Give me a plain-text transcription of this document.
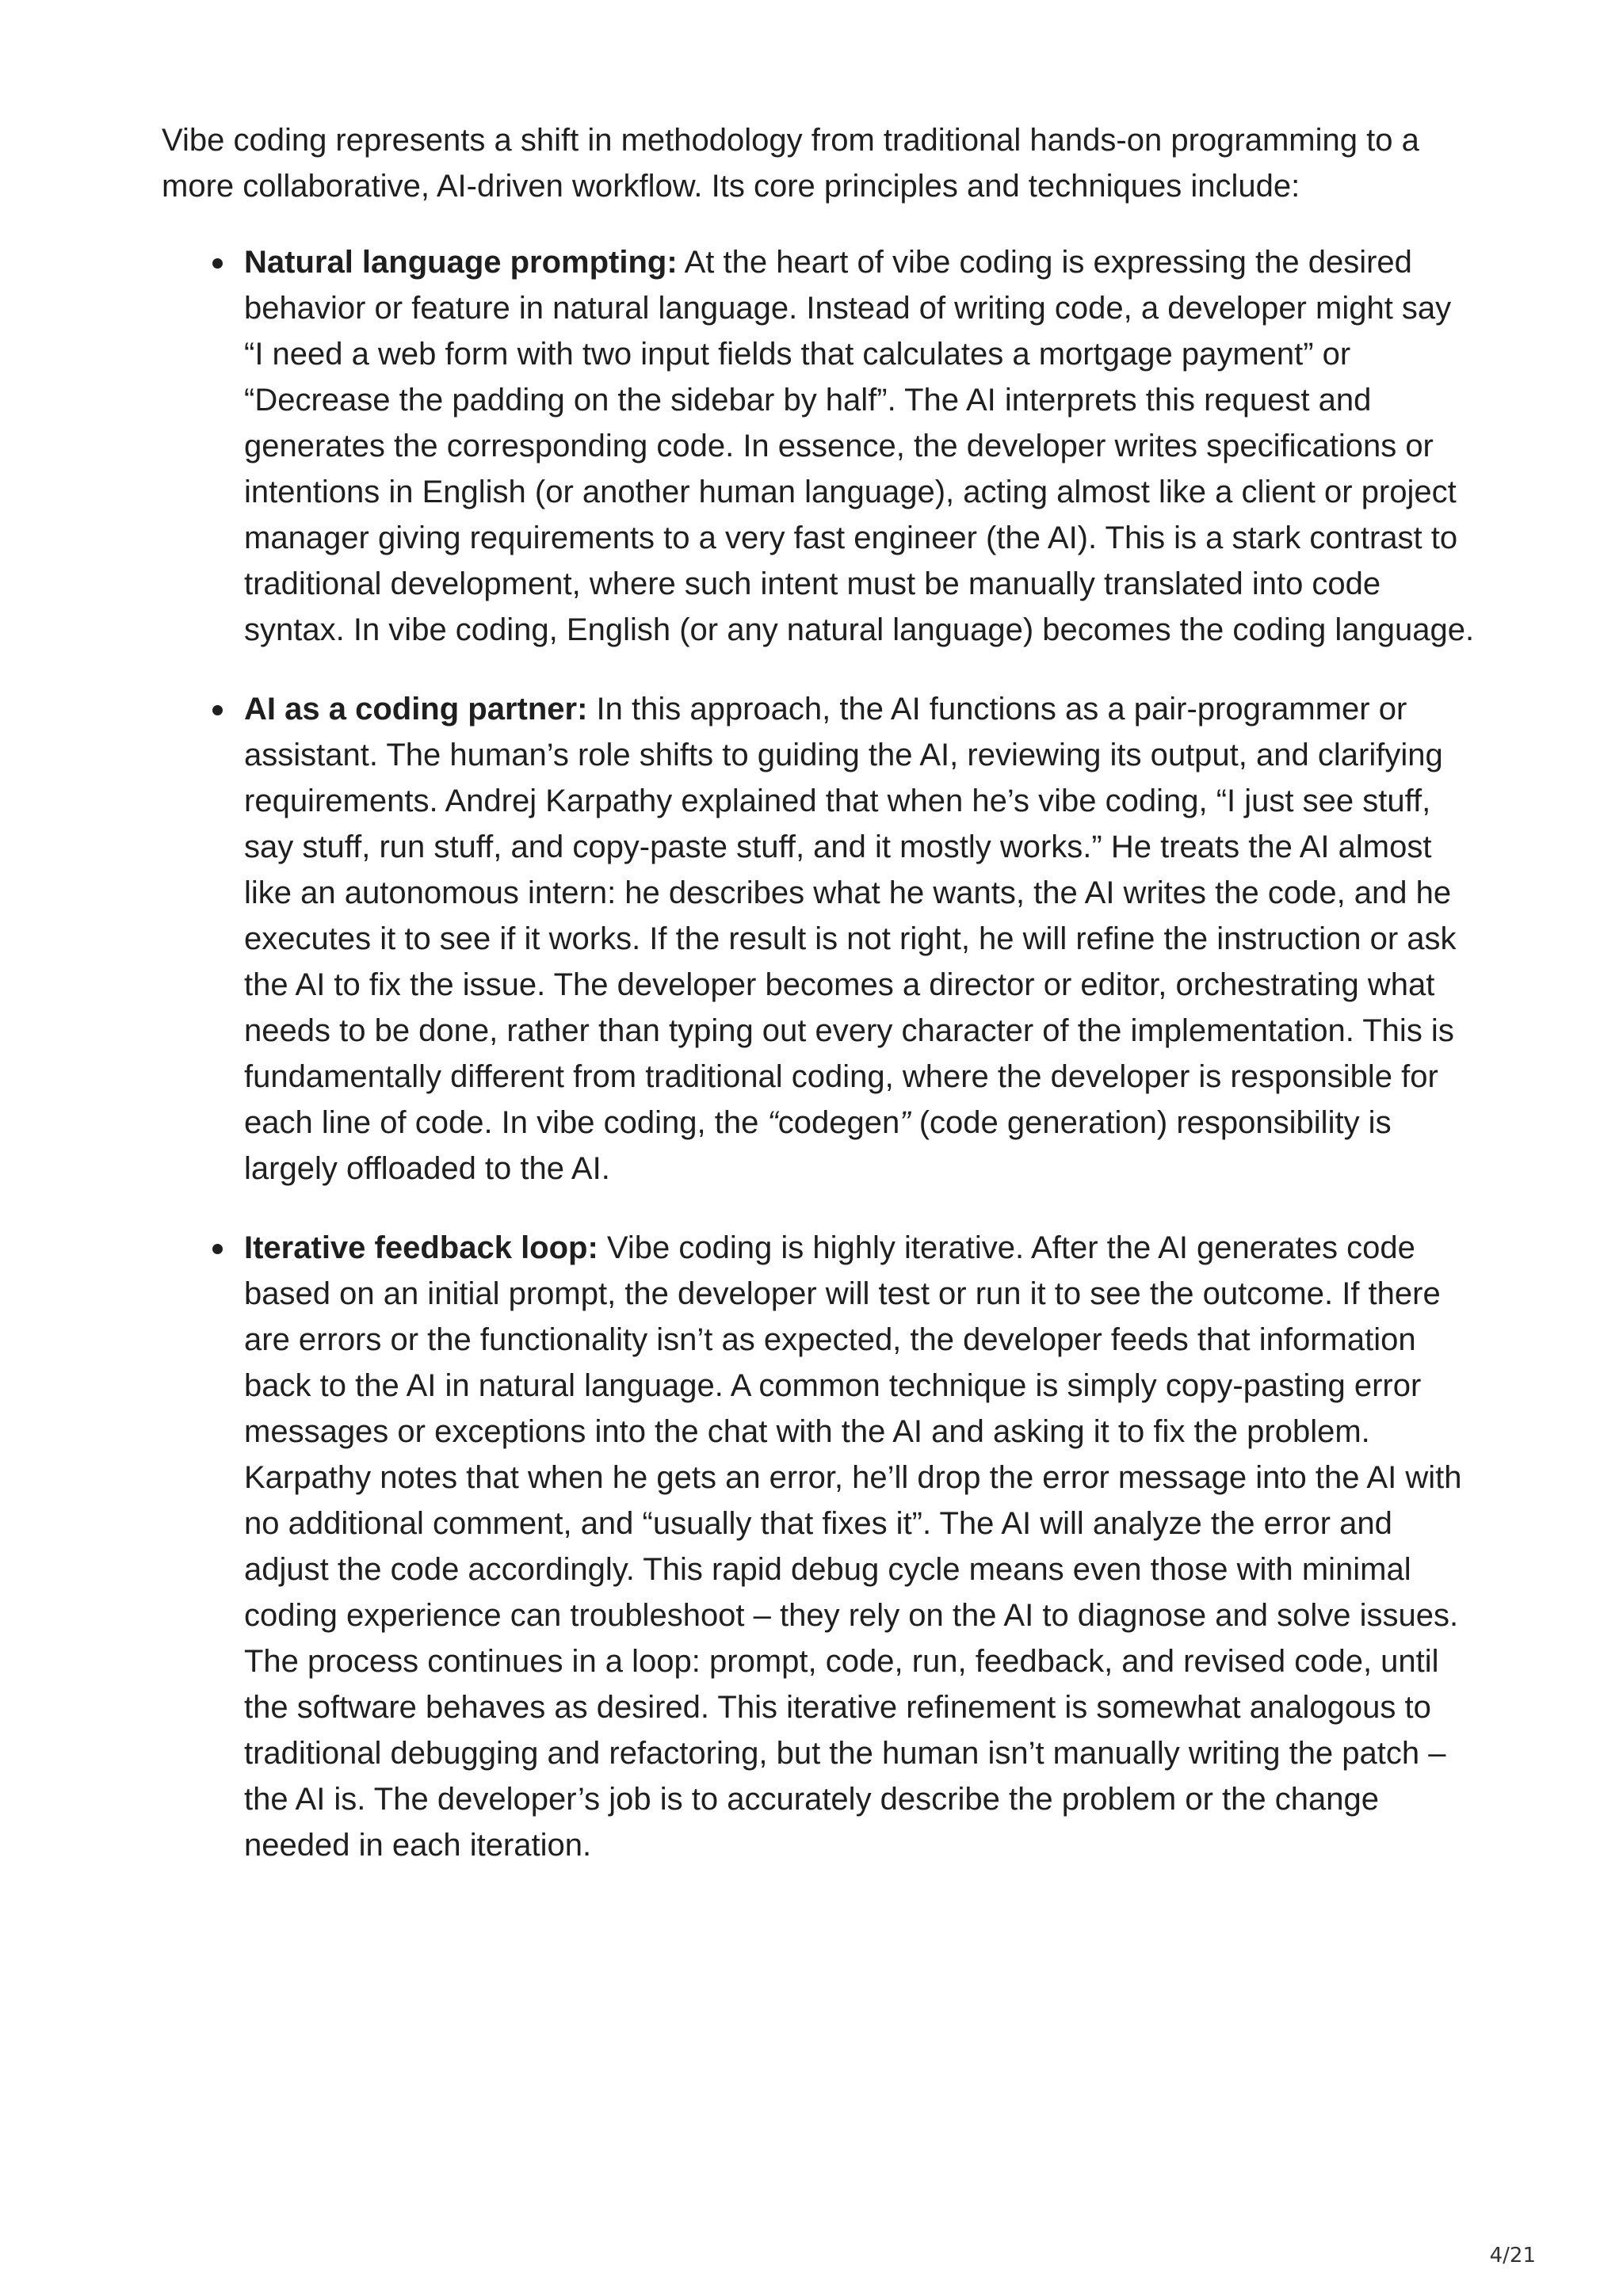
Vibe coding represents a shift in methodology from traditional hands-on programming to a more collaborative, AI-driven workflow. Its core principles and techniques include:

Natural language prompting: At the heart of vibe coding is expressing the desired behavior or feature in natural language. Instead of writing code, a developer might say “I need a web form with two input fields that calculates a mortgage payment” or “Decrease the padding on the sidebar by half”. The AI interprets this request and generates the corresponding code. In essence, the developer writes specifications or intentions in English (or another human language), acting almost like a client or project manager giving requirements to a very fast engineer (the AI). This is a stark contrast to traditional development, where such intent must be manually translated into code syntax. In vibe coding, English (or any natural language) becomes the coding language.
AI as a coding partner: In this approach, the AI functions as a pair-programmer or assistant. The human’s role shifts to guiding the AI, reviewing its output, and clarifying requirements. Andrej Karpathy explained that when he’s vibe coding, “I just see stuff, say stuff, run stuff, and copy-paste stuff, and it mostly works.” He treats the AI almost like an autonomous intern: he describes what he wants, the AI writes the code, and he executes it to see if it works. If the result is not right, he will refine the instruction or ask the AI to fix the issue. The developer becomes a director or editor, orchestrating what needs to be done, rather than typing out every character of the implementation. This is fundamentally different from traditional coding, where the developer is responsible for each line of code. In vibe coding, the “codegen” (code generation) responsibility is largely offloaded to the AI.
Iterative feedback loop: Vibe coding is highly iterative. After the AI generates code based on an initial prompt, the developer will test or run it to see the outcome. If there are errors or the functionality isn’t as expected, the developer feeds that information back to the AI in natural language. A common technique is simply copy-pasting error messages or exceptions into the chat with the AI and asking it to fix the problem. Karpathy notes that when he gets an error, he’ll drop the error message into the AI with no additional comment, and “usually that fixes it”. The AI will analyze the error and adjust the code accordingly. This rapid debug cycle means even those with minimal coding experience can troubleshoot – they rely on the AI to diagnose and solve issues. The process continues in a loop: prompt, code, run, feedback, and revised code, until the software behaves as desired. This iterative refinement is somewhat analogous to traditional debugging and refactoring, but the human isn’t manually writing the patch – the AI is. The developer’s job is to accurately describe the problem or the change needed in each iteration.
4/21
